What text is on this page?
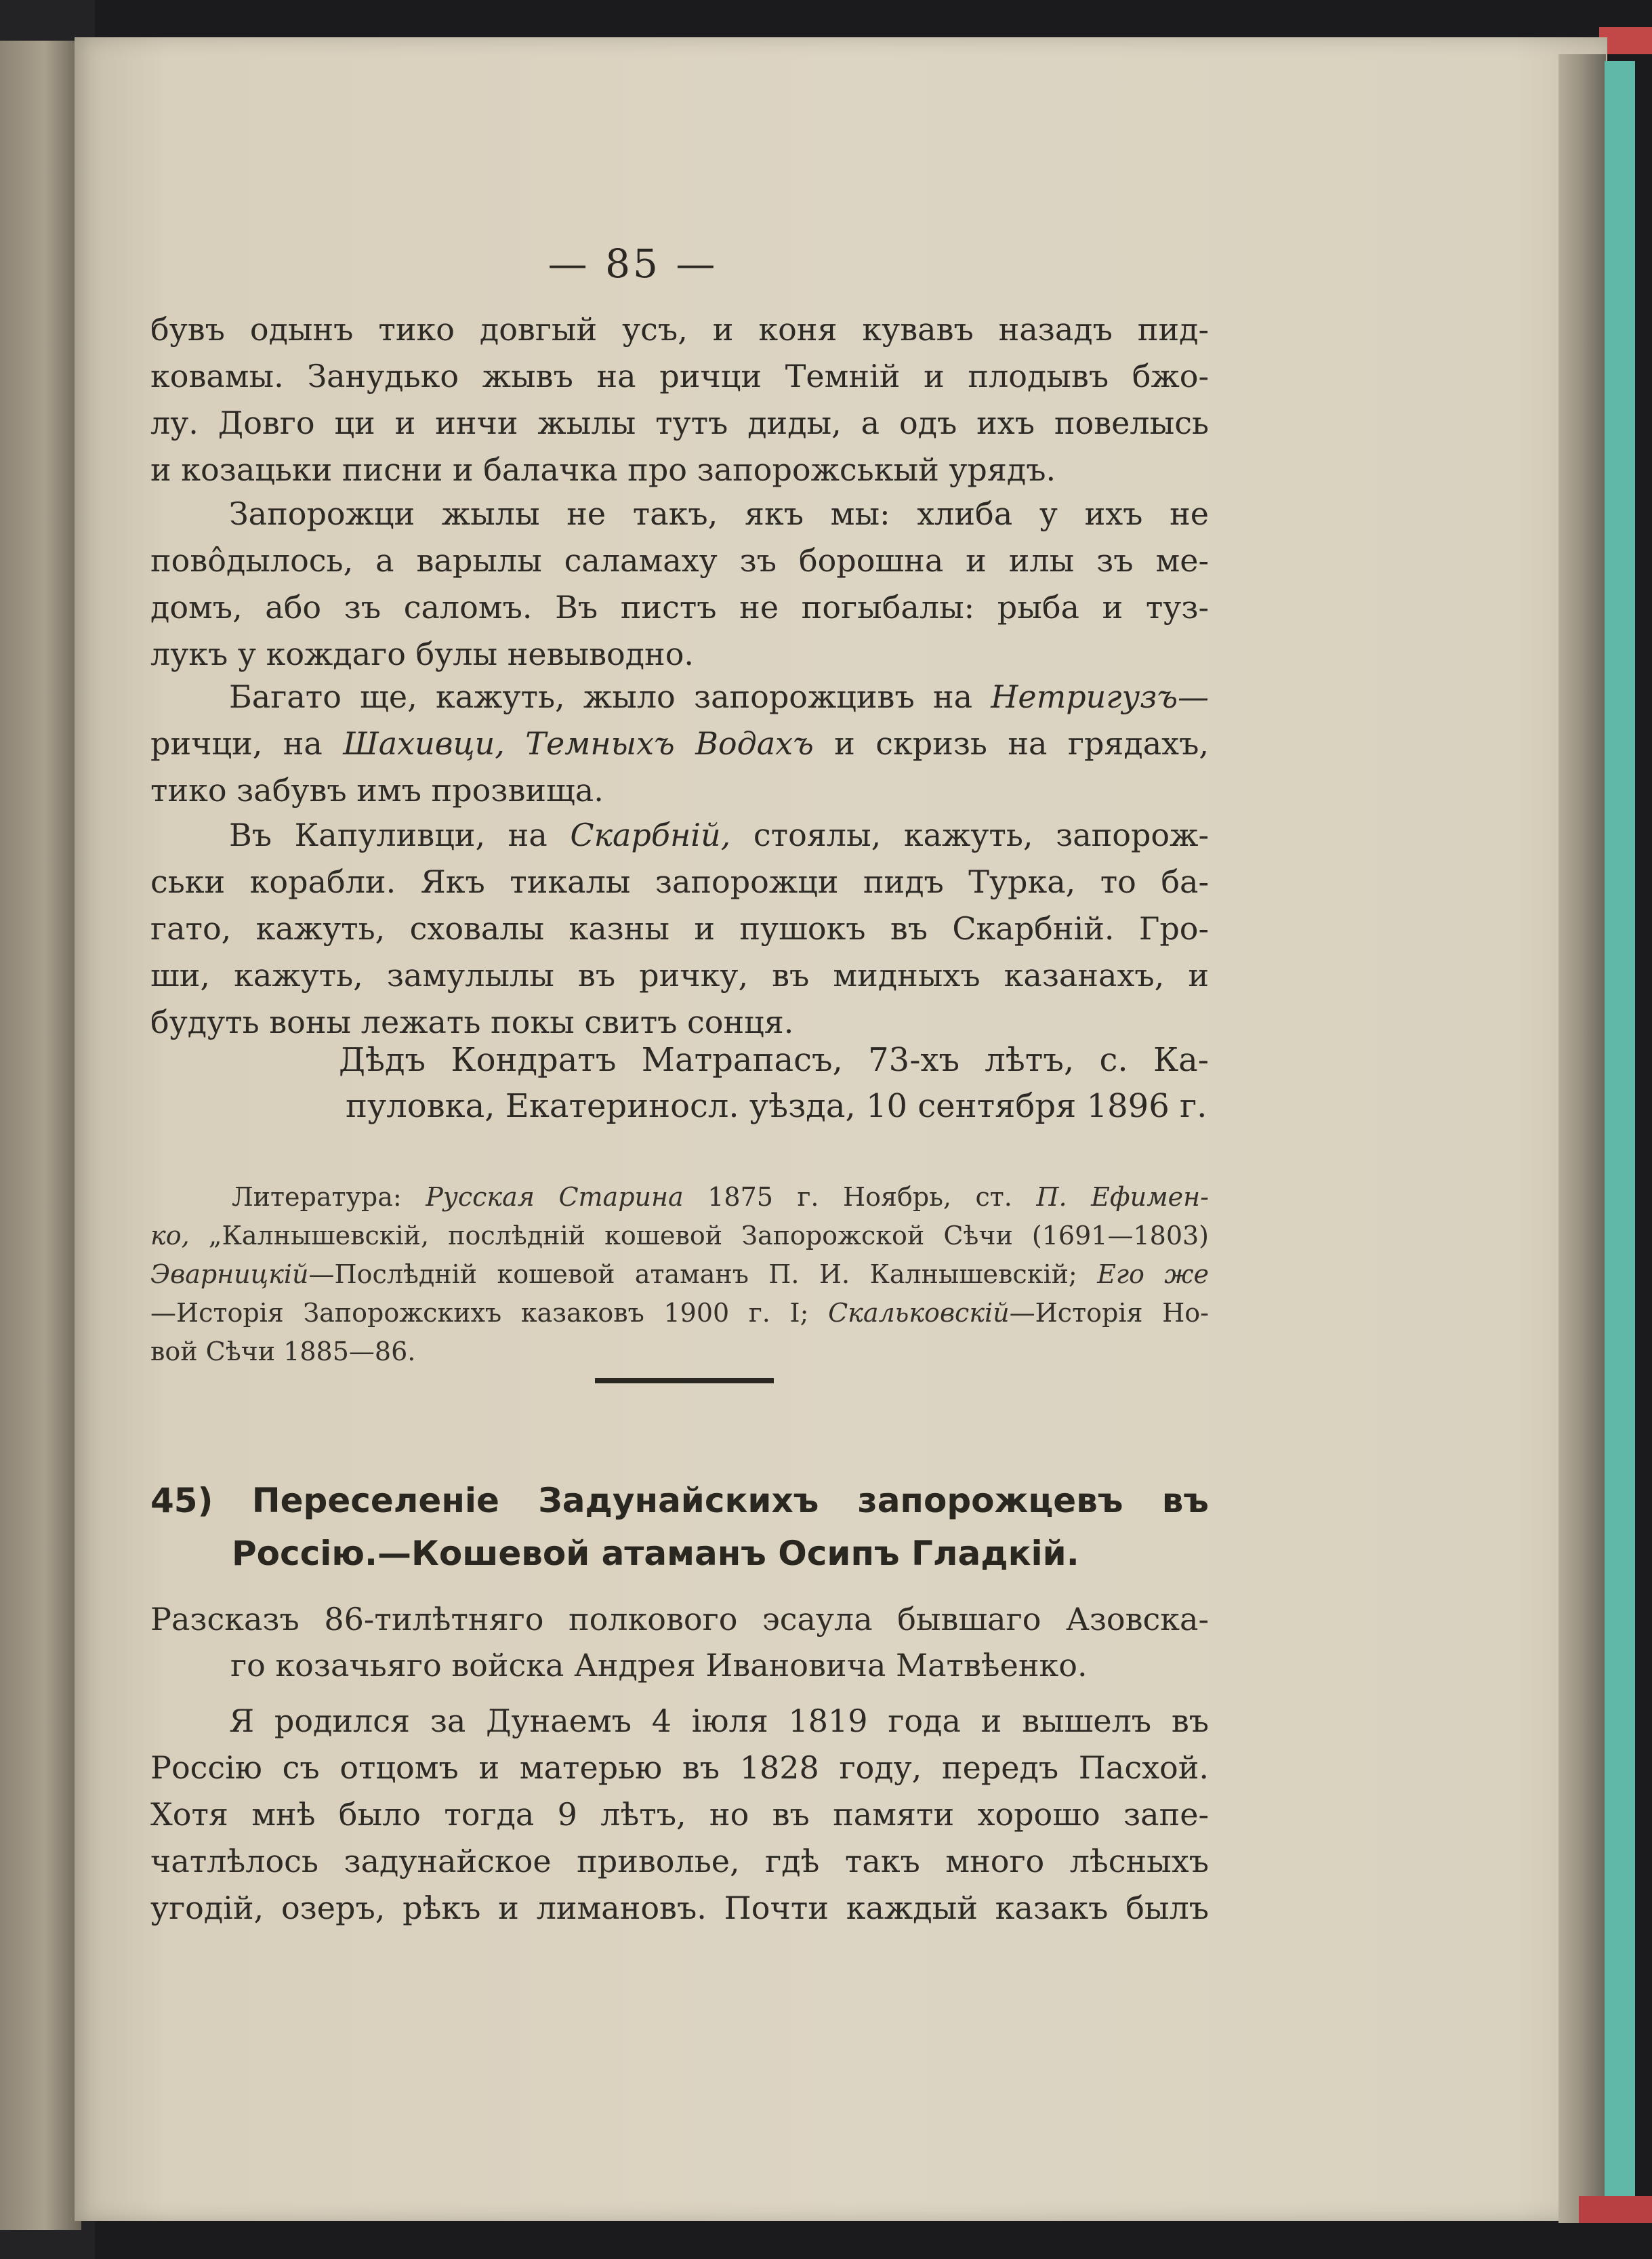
— 85 —

бувъ одынъ тико довгый усъ, и коня кувавъ назадъ пид-
ковамы. Занудько жывъ на ричци Темній и плодывъ бжо-
лу. Довго ци и инчи жылы тутъ диды, а одъ ихъ повелысь
и козацьки писни и балачка про запорожськый урядъ.

Запорожци жылы не такъ, якъ мы: хлиба у ихъ не
повôдылось, а варылы саламаху зъ борошна и илы зъ ме-
домъ, або зъ саломъ. Въ пистъ не погыбалы: рыба и туз-
лукъ у кождаго булы невыводно.

Багато ще, кажуть, жыло запорожцивъ на Нетригузъ—
ричци, на Шахивци, Темныхъ Водахъ и скризь на грядахъ,
тико забувъ имъ прозвища.

Въ Капуливци, на Скарбній, стоялы, кажуть, запорож-
ськи корабли. Якъ тикалы запорожци пидъ Турка, то ба-
гато, кажуть, сховалы казны и пушокъ въ Скарбній. Гро-
ши, кажуть, замулылы въ ричку, въ мидныхъ казанахъ, и
будуть воны лежать покы свитъ сонця.

Дѣдъ Кондратъ Матрапасъ, 73-хъ лѣтъ, с. Ка-
пуловка, Екатериносл. уѣзда, 10 сентября 1896 г.
Литература: Русская Старина 1875 г. Ноябрь, ст. П. Ефимен-
ко, „Калнышевскій, послѣдній кошевой Запорожской Сѣчи (1691—1803)
Эварницкій—Послѣдній кошевой атаманъ П. И. Калнышевскій; Его же
—Исторія Запорожскихъ казаковъ 1900 г. I; Скальковскій—Исторія Но-
вой Сѣчи 1885—86.
45) Переселеніе Задунайскихъ запорожцевъ въ
Россію.—Кошевой атаманъ Осипъ Гладкій.
Разсказъ 86-тилѣтняго полкового эсаула бывшаго Азовска-
го козачьяго войска Андрея Ивановича Матвѣенко.

Я родился за Дунаемъ 4 іюля 1819 года и вышелъ въ
Россію съ отцомъ и матерью въ 1828 году, передъ Пасхой.
Хотя мнѣ было тогда 9 лѣтъ, но въ памяти хорошо запе-
чатлѣлось задунайское приволье, гдѣ такъ много лѣсныхъ
угодій, озеръ, рѣкъ и лимановъ. Почти каждый казакъ былъ
